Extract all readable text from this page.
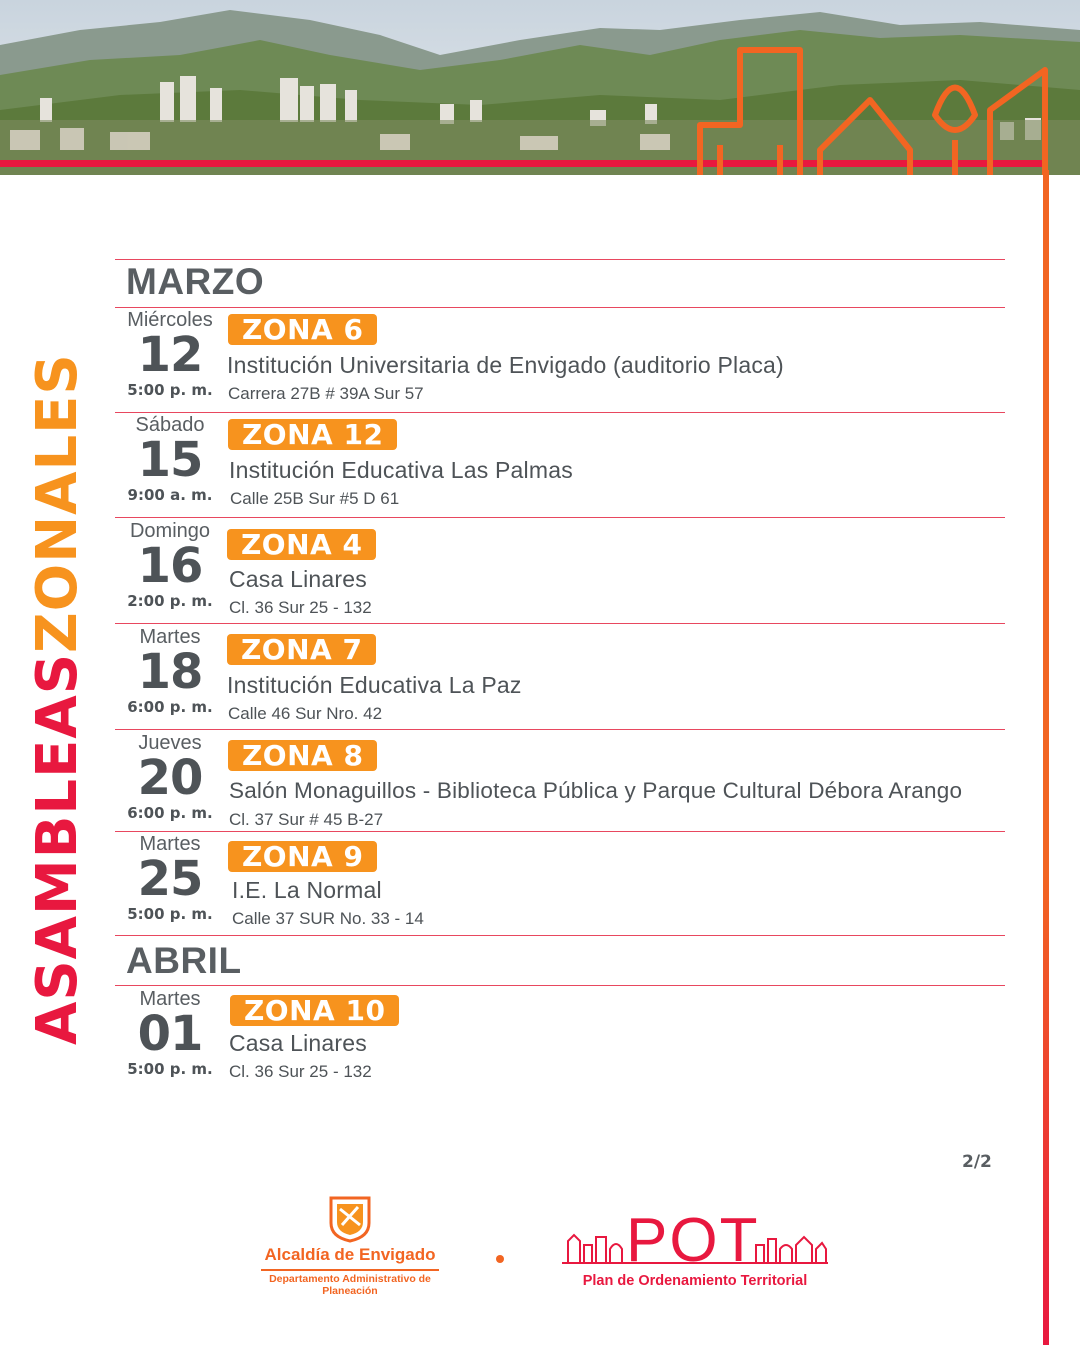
ASAMBLEASZONALES
MARZO
Miércoles
12
5:00 p. m.
ZONA 6
Institución Universitaria de Envigado (auditorio Placa)
Carrera 27B # 39A Sur 57
Sábado
15
9:00 a. m.
ZONA 12
Institución Educativa Las Palmas
Calle 25B Sur #5 D 61
Domingo
16
2:00 p. m.
ZONA 4
Casa Linares
Cl. 36 Sur 25 - 132
Martes
18
6:00 p. m.
ZONA 7
Institución Educativa La Paz
Calle 46 Sur Nro. 42
Jueves
20
6:00 p. m.
ZONA 8
Salón Monaguillos - Biblioteca Pública y Parque Cultural Débora Arango
Cl. 37 Sur # 45 B-27
Martes
25
5:00 p. m.
ZONA 9
I.E. La Normal
Calle 37 SUR No. 33 - 14
ABRIL
Martes
01
5:00 p. m.
ZONA 10
Casa Linares
Cl. 36 Sur 25 - 132
2/2
Alcaldía de Envigado
Departamento Administrativo de Planeación
POT
Plan de Ordenamiento Territorial
